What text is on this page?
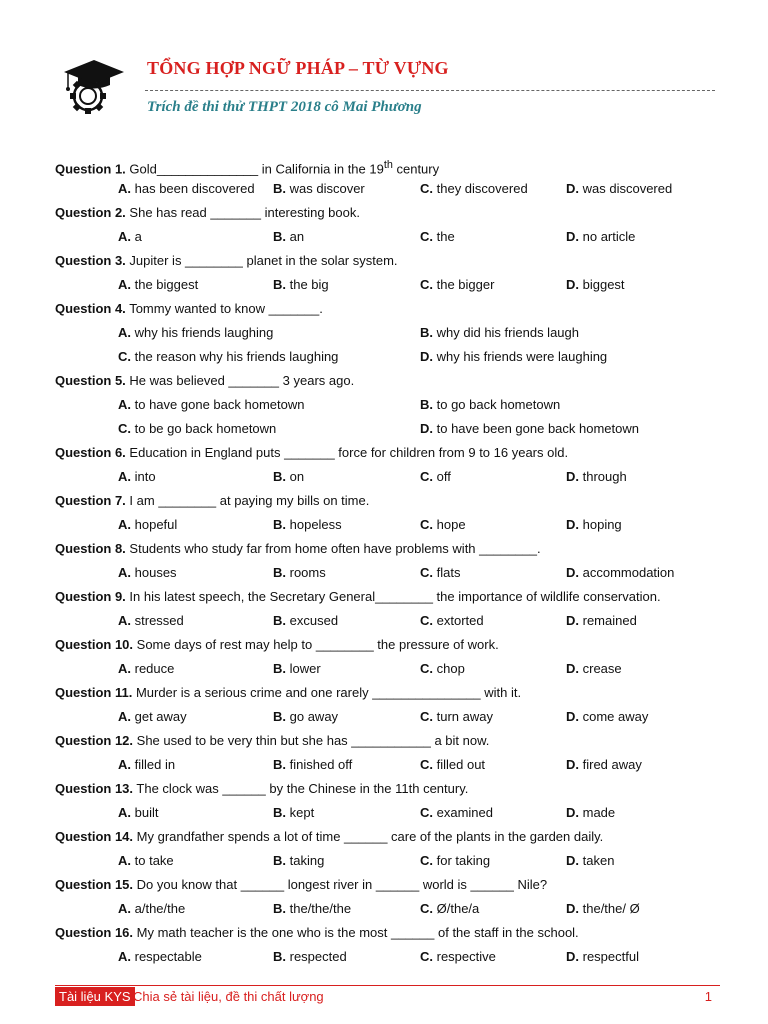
TỔNG HỢP NGỮ PHÁP – TỪ VỰNG
Trích đề thi thử THPT 2018 cô Mai Phương
Question 1. Gold______________ in California in the 19th century
A. has been discovered B. was discover	C. they discovered	D. was discovered
Question 2. She has read _______ interesting book.
A. a	B. an	C. the	D. no article
Question 3. Jupiter is ________ planet in the solar system.
A. the biggest	B. the big	C. the bigger	D. biggest
Question 4. Tommy wanted to know _______.
A. why his friends laughing	B. why did his friends laugh
C. the reason why his friends laughing	D. why his friends were laughing
Question 5. He was believed _______ 3 years ago.
A. to have gone back hometown	B. to go back hometown
C. to be go back hometown	D. to have been gone back hometown
Question 6. Education in England puts _______ force for children from 9 to 16 years old.
A. into	B. on	C. off	D. through
Question 7. I am ________ at paying my bills on time.
A. hopeful	B. hopeless	C. hope	D. hoping
Question 8. Students who study far from home often have problems with ________.
A. houses	B. rooms	C. flats	D. accommodation
Question 9. In his latest speech, the Secretary General________ the importance of wildlife conservation.
A. stressed	B. excused	C. extorted	D. remained
Question 10. Some days of rest may help to ________ the pressure of work.
A. reduce	B. lower	C. chop	D. crease
Question 11. Murder is a serious crime and one rarely _______________ with it.
A. get away	B. go away	C. turn away	D. come away
Question 12. She used to be very thin but she has ___________ a bit now.
A. filled in	B. finished off	C. filled out	D. fired away
Question 13. The clock was ______ by the Chinese in the 11th century.
A. built	B. kept	C. examined	D. made
Question 14. My grandfather spends a lot of time ______ care of the plants in the garden daily.
A. to take	B. taking	C. for taking	D. taken
Question 15. Do you know that ______ longest river in ______ world is ______ Nile?
A. a/the/the	B. the/the/the	C. Ø/the/a	D. the/the/ Ø
Question 16. My math teacher is the one who is the most ______ of the staff in the school.
A. respectable	B. respected	C. respective	D. respectful
Tài liệu KYS Chia sẻ tài liệu, đề thi chất lượng	1
